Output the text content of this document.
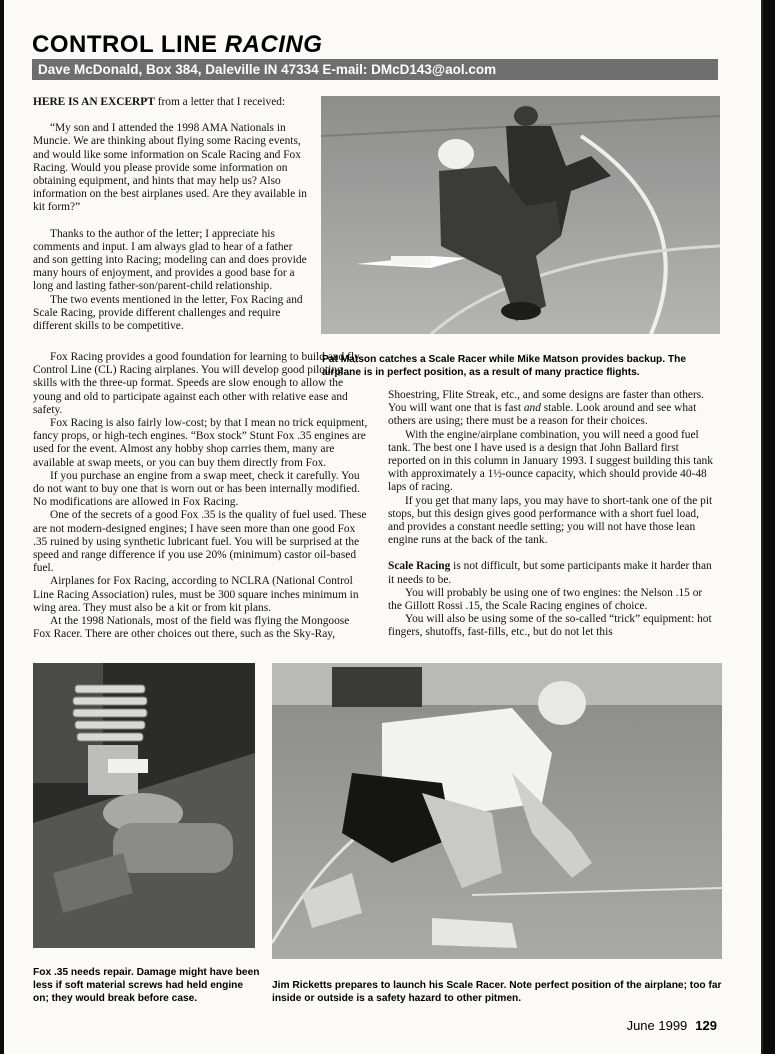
CONTROL LINE RACING
Dave McDonald, Box 384, Daleville IN 47334 E-mail: DMcD143@aol.com

HERE IS AN EXCERPT from a letter that I received:

“My son and I attended the 1998 AMA Nationals in Muncie. We are thinking about flying some Racing events, and would like some information on Scale Racing and Fox Racing. Would you please provide some information on obtaining equipment, and hints that may help us? Also information on the best airplanes used. Are they available in kit form?”

Thanks to the author of the letter; I appreciate his comments and input. I am always glad to hear of a father and son getting into Racing; modeling can and does provide many hours of enjoyment, and provides a good base for a long and lasting father-son/parent-child relationship.

The two events mentioned in the letter, Fox Racing and Scale Racing, provide different challenges and require different skills to be competitive.

Fox Racing provides a good foundation for learning to build and fly Control Line (CL) Racing airplanes. You will develop good piloting skills with the three-up format. Speeds are slow enough to allow the young and old to participate against each other with relative ease and safety.

Fox Racing is also fairly low-cost; by that I mean no trick equipment, fancy props, or high-tech engines. “Box stock” Stunt Fox .35 engines are used for the event. Almost any hobby shop carries them, many are available at swap meets, or you can buy them directly from Fox.

If you purchase an engine from a swap meet, check it carefully. You do not want to buy one that is worn out or has been internally modified. No modifications are allowed in Fox Racing.

One of the secrets of a good Fox .35 is the quality of fuel used. These are not modern-designed engines; I have seen more than one good Fox .35 ruined by using synthetic lubricant fuel. You will be surprised at the speed and range difference if you use 20% (minimum) castor oil-based fuel.

Airplanes for Fox Racing, according to NCLRA (National Control Line Racing Association) rules, must be 300 square inches minimum in wing area. They must also be a kit or from kit plans.

At the 1998 Nationals, most of the field was flying the Mongoose Fox Racer. There are other choices out there, such as the Sky-Ray,

Pat Matson catches a Scale Racer while Mike Matson provides backup. The airplane is in perfect position, as a result of many practice flights.

Shoestring, Flite Streak, etc., and some designs are faster than others. You will want one that is fast and stable. Look around and see what others are using; there must be a reason for their choices.

With the engine/airplane combination, you will need a good fuel tank. The best one I have used is a design that John Ballard first reported on in this column in January 1993. I suggest building this tank with approximately a 1½-ounce capacity, which should provide 40-48 laps of racing.

If you get that many laps, you may have to short-tank one of the pit stops, but this design gives good performance with a short fuel load, and provides a constant needle setting; you will not have those lean engine runs at the back of the tank.

Scale Racing is not difficult, but some participants make it harder than it needs to be.

You will probably be using one of two engines: the Nelson .15 or the Gillott Rossi .15, the Scale Racing engines of choice.

You will also be using some of the so-called “trick” equipment: hot fingers, shutoffs, fast-fills, etc., but do not let this

Fox .35 needs repair. Damage might have been less if soft material screws had held engine on; they would break before case.
Jim Ricketts prepares to launch his Scale Racer. Note perfect position of the airplane; too far inside or outside is a safety hazard to other pitmen.
June 1999 129
